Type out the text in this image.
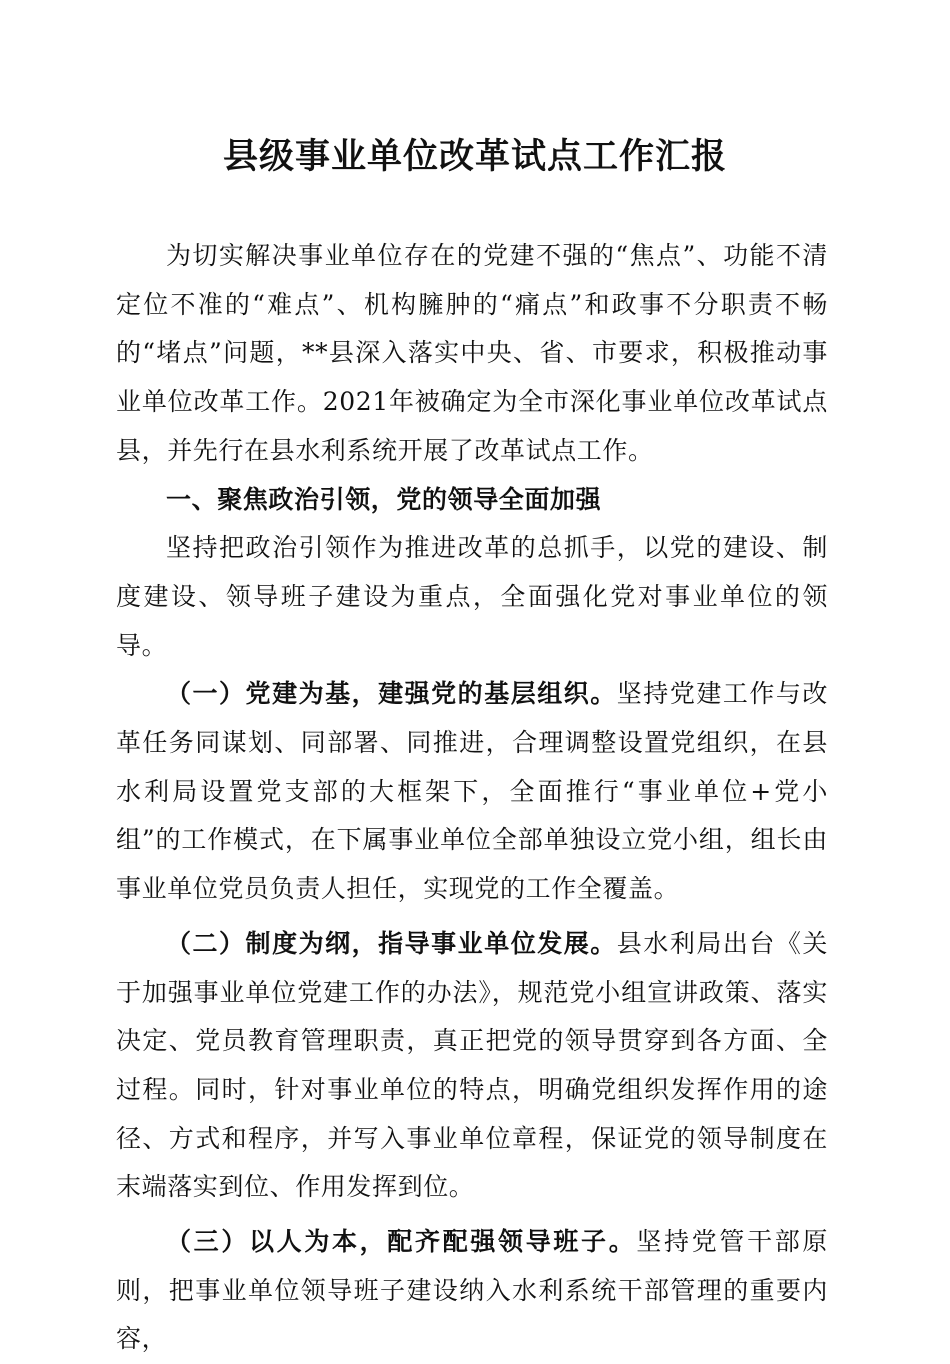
县级事业单位改革试点工作汇报

为切实解决事业单位存在的党建不强的“焦点”、功能不清定位不准的“难点”、机构臃肿的“痛点”和政事不分职责不畅的“堵点”问题，**县深入落实中央、省、市要求，积极推动事业单位改革工作。2021年被确定为全市深化事业单位改革试点县，并先行在县水利系统开展了改革试点工作。

一、聚焦政治引领，党的领导全面加强

坚持把政治引领作为推进改革的总抓手，以党的建设、制度建设、领导班子建设为重点，全面强化党对事业单位的领导。

（一）党建为基，建强党的基层组织。坚持党建工作与改革任务同谋划、同部署、同推进，合理调整设置党组织，在县水利局设置党支部的大框架下，全面推行“事业单位+党小组”的工作模式，在下属事业单位全部单独设立党小组，组长由事业单位党员负责人担任，实现党的工作全覆盖。

（二）制度为纲，指导事业单位发展。县水利局出台《关于加强事业单位党建工作的办法》，规范党小组宣讲政策、落实决定、党员教育管理职责，真正把党的领导贯穿到各方面、全过程。同时，针对事业单位的特点，明确党组织发挥作用的途径、方式和程序，并写入事业单位章程，保证党的领导制度在末端落实到位、作用发挥到位。

（三）以人为本，配齐配强领导班子。坚持党管干部原则，把事业单位领导班子建设纳入水利系统干部管理的重要内容，
